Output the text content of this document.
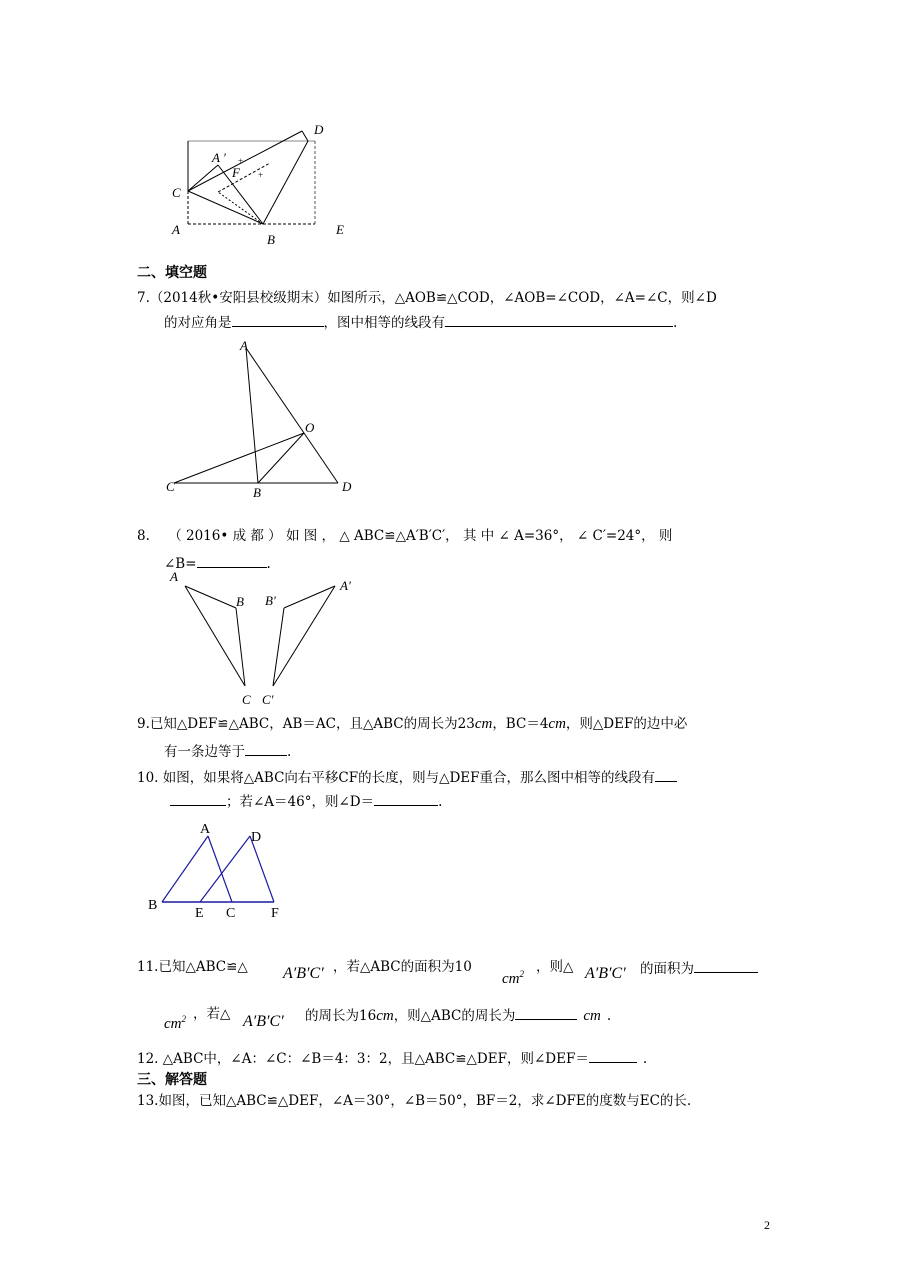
D
A ′
F
C
A
B
E
+
+
二、填空题
7.（2014秋•安阳县校级期末）如图所示，△AOB≌△COD，∠AOB=∠COD，∠A=∠C，则∠D
的对应角是	，图中相等的线段有	.
A
O
C	B	D
8. （ 2016• 成 都 ） 如 图 ， △ ABC≌△A′B′C′， 其 中 ∠ A=36°， ∠ C′=24°， 则
∠B=	.
A
B
C
B′
A′
C′
9.已知△DEF≌△ABC，AB＝AC，且△ABC的周长为23cm，BC＝4cm，则△DEF的边中必
有一条边等于	.
10. 如图，如果将△ABC向右平移CF的长度，则与△DEF重合，那么图中相等的线段有
；若∠A＝46°，则∠D＝	.
A
D
B
E C	F
11.已知△ABC≌△ A′B′C′ ，若△ABC的面积为10
$cm^2$ ，则△ A′B′C′ 的面积为
$cm^2$ ，若△ A′B′C′ 的周长为16cm，则△ABC的周长为	cm .
12. △ABC中，∠A：∠C：∠B＝4：3：2，且△ABC≌△DEF，则∠DEF＝	.
三、解答题
13.如图，已知△ABC≌△DEF，∠A＝30°，∠B＝50°，BF＝2，求∠DFE的度数与EC的长.
2
